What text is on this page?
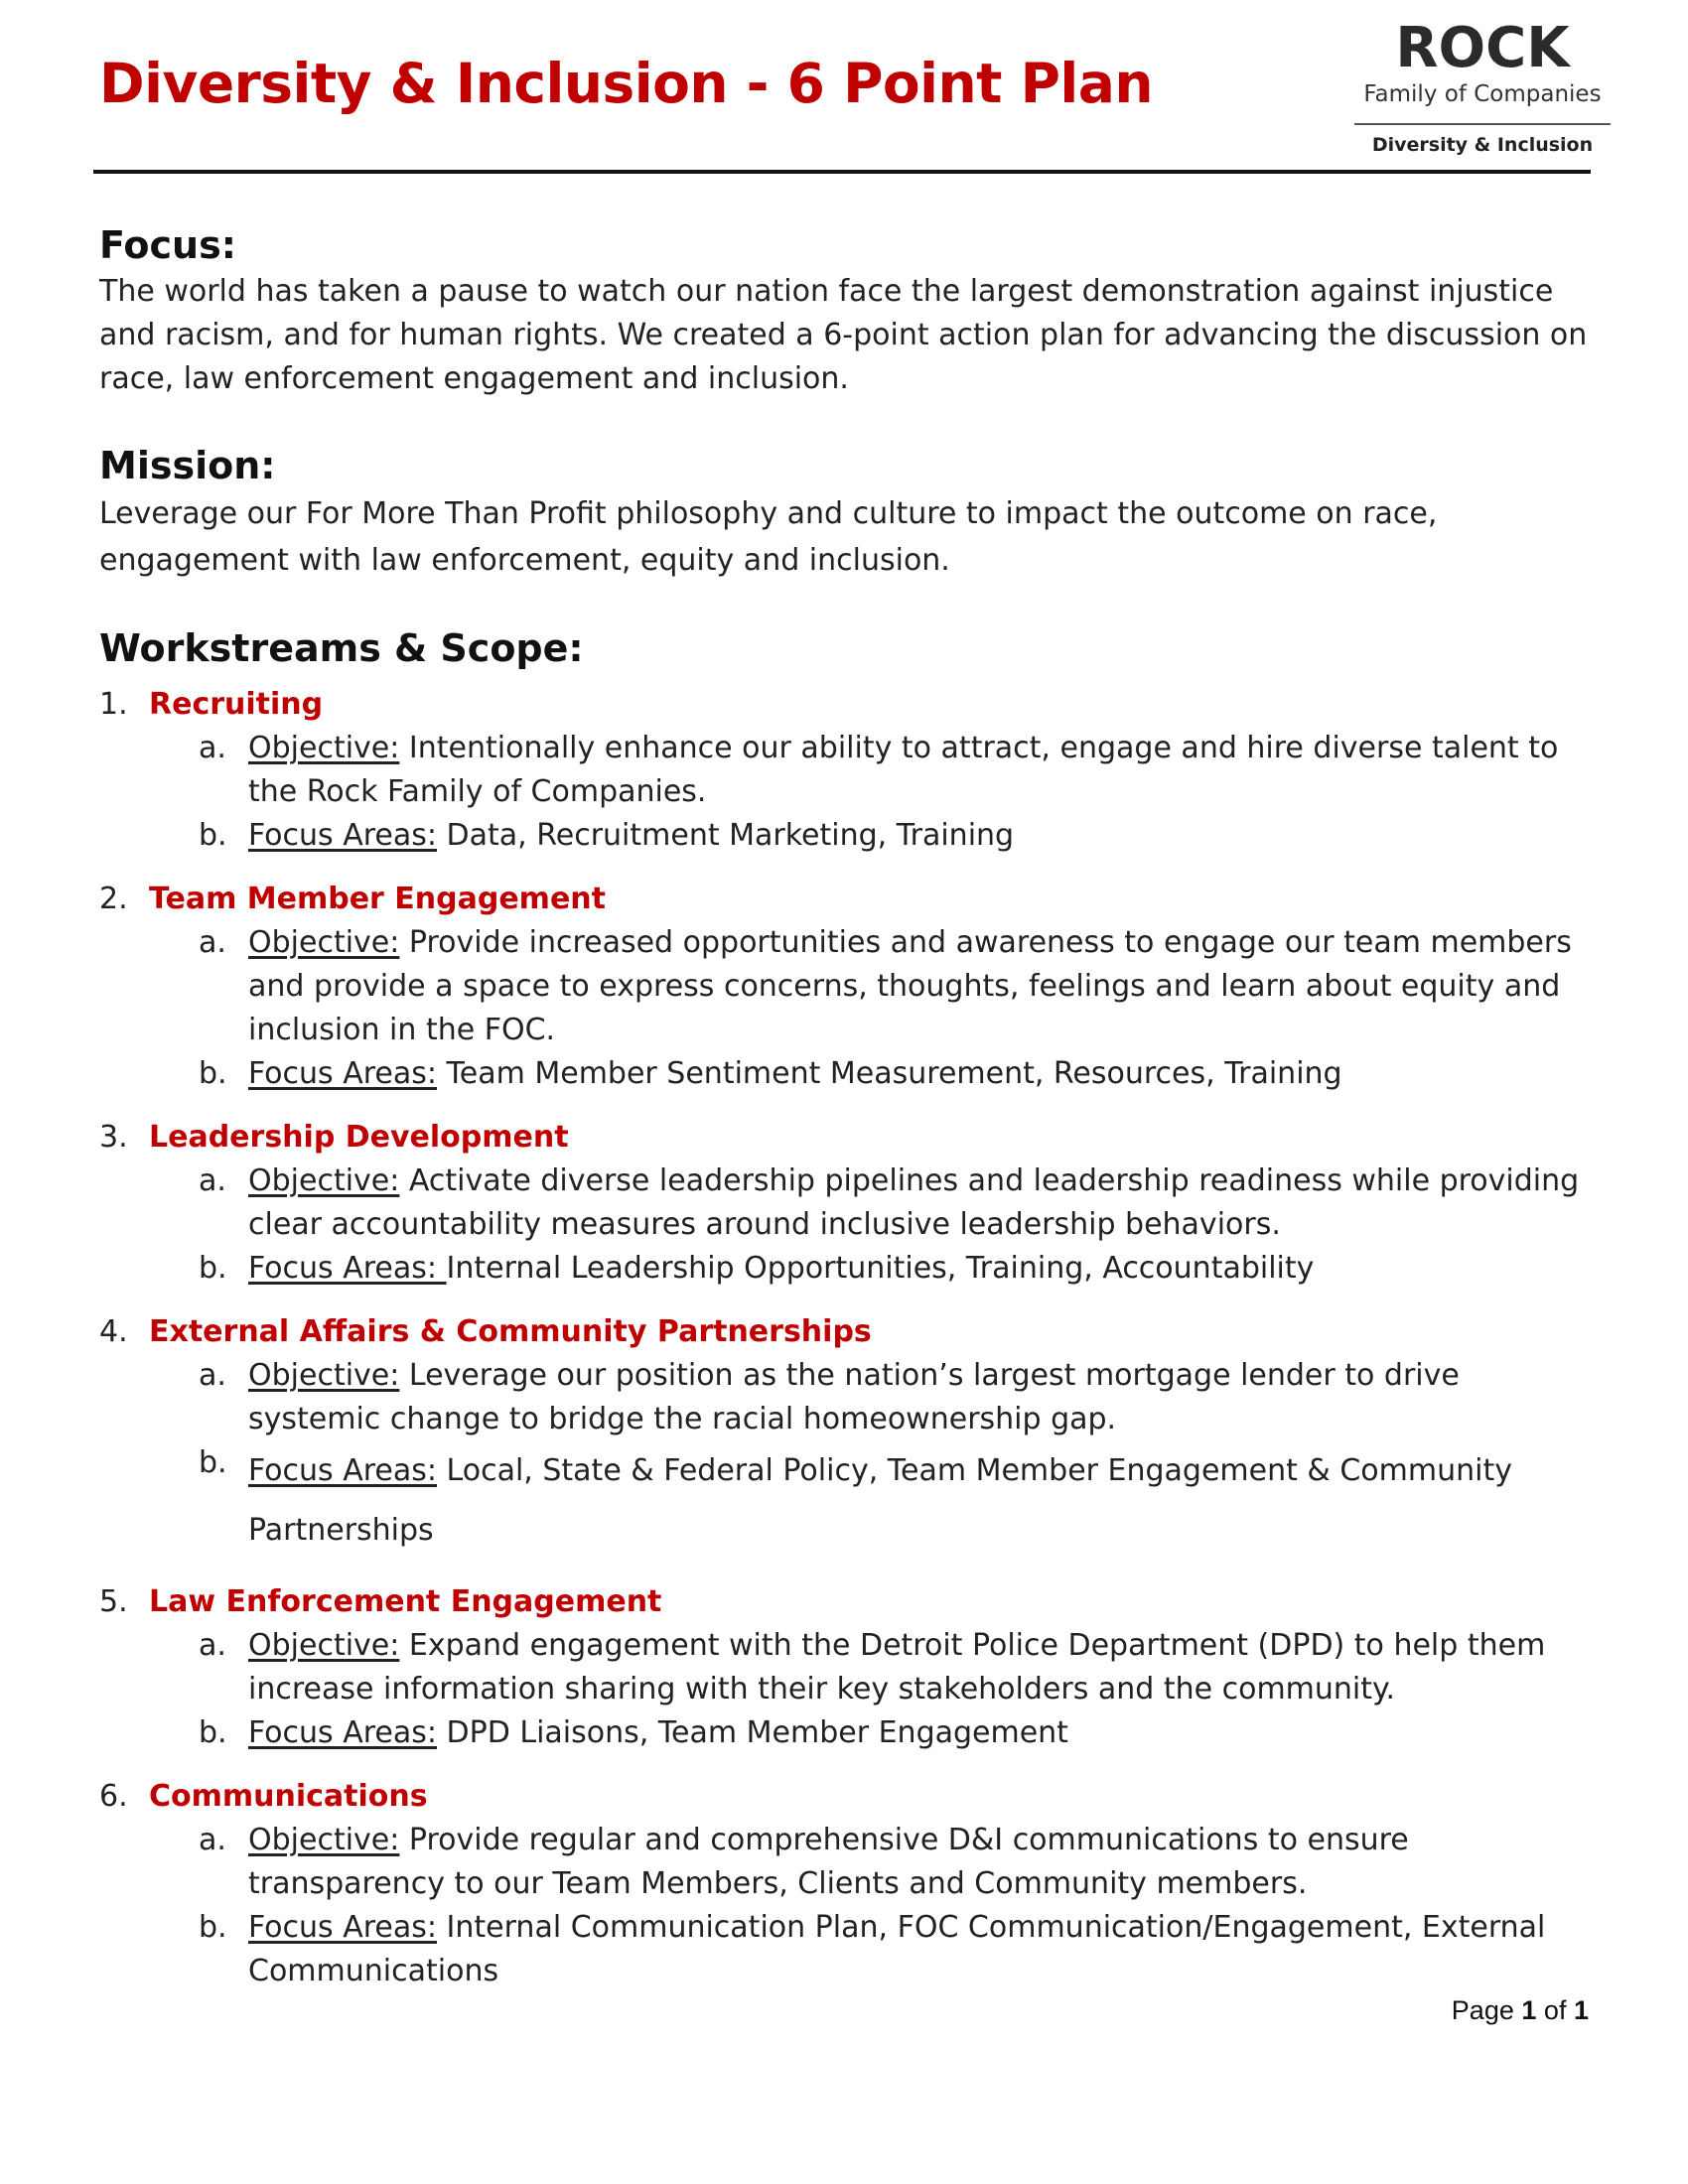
Diversity & Inclusion - 6 Point Plan
ROCK
Family of Companies
Diversity & Inclusion
Focus:

The world has taken a pause to watch our nation face the largest demonstration against injustice and racism, and for human rights. We created a 6-point action plan for advancing the discussion on race, law enforcement engagement and inclusion.

Mission:

Leverage our For More Than Profit philosophy and culture to impact the outcome on race, engagement with law enforcement, equity and inclusion.

Workstreams & Scope:
1. Recruiting
a. Objective: Intentionally enhance our ability to attract, engage and hire diverse talent to the Rock Family of Companies.
b. Focus Areas: Data, Recruitment Marketing, Training
2. Team Member Engagement
a. Objective: Provide increased opportunities and awareness to engage our team members and provide a space to express concerns, thoughts, feelings and learn about equity and inclusion in the FOC.
b. Focus Areas: Team Member Sentiment Measurement, Resources, Training
3. Leadership Development
a. Objective: Activate diverse leadership pipelines and leadership readiness while providing clear accountability measures around inclusive leadership behaviors.
b. Focus Areas: Internal Leadership Opportunities, Training, Accountability
4. External Affairs & Community Partnerships
a. Objective: Leverage our position as the nation’s largest mortgage lender to drive systemic change to bridge the racial homeownership gap.
b. Focus Areas: Local, State & Federal Policy, Team Member Engagement & Community Partnerships
5. Law Enforcement Engagement
a. Objective: Expand engagement with the Detroit Police Department (DPD) to help them increase information sharing with their key stakeholders and the community.
b. Focus Areas: DPD Liaisons, Team Member Engagement
6. Communications
a. Objective: Provide regular and comprehensive D&I communications to ensure transparency to our Team Members, Clients and Community members.
b. Focus Areas: Internal Communication Plan, FOC Communication/Engagement, External Communications
Page 1 of 1
